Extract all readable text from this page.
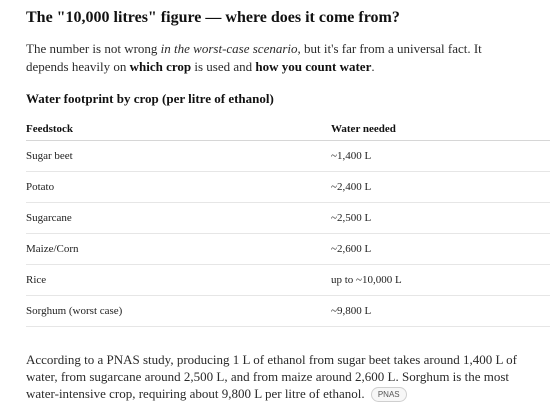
The "10,000 litres" figure — where does it come from?

The number is not wrong in the worst-case scenario, but it's far from a universal fact. It depends heavily on which crop is used and how you count water.

Water footprint by crop (per litre of ethanol)
Feedstock	Water needed
Sugar beet	~1,400 L
Potato	~2,400 L
Sugarcane	~2,500 L
Maize/Corn	~2,600 L
Rice	up to ~10,000 L
Sorghum (worst case)	~9,800 L

According to a PNAS study, producing 1 L of ethanol from sugar beet takes around 1,400 L of water, from sugarcane around 2,500 L, and from maize around 2,600 L. Sorghum is the most water-intensive crop, requiring about 9,800 L per litre of ethanol. PNAS
